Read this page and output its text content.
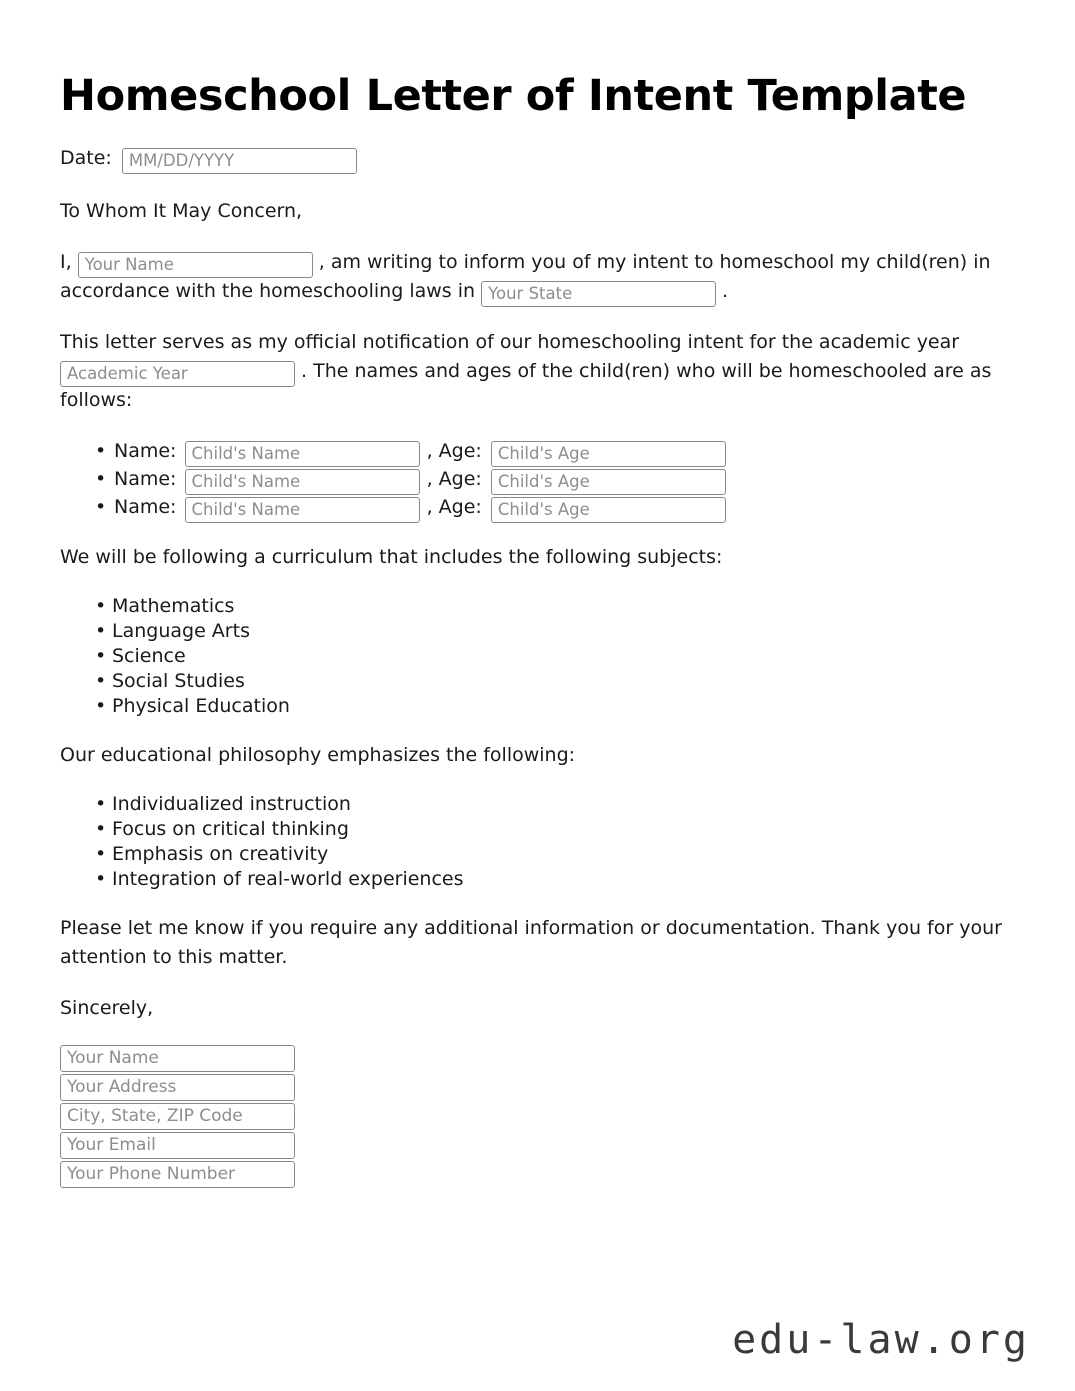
Homeschool Letter of Intent Template
Date: MM/DD/YYYY

To Whom It May Concern,

I, Your Name	, am writing to inform you of my intent to homeschool my child(ren) in accordance with the homeschooling laws in Your State	.

This letter serves as my official notification of our homeschooling intent for the academic year Academic Year . The names and ages of the child(ren) who will be homeschooled are as follows:

• Name: Child's Name	, Age: Child's Age
• Name: Child's Name	, Age: Child's Age
• Name: Child's Name	, Age: Child's Age

We will be following a curriculum that includes the following subjects:

• Mathematics
• Language Arts
• Science
• Social Studies
• Physical Education

Our educational philosophy emphasizes the following:

• Individualized instruction
• Focus on critical thinking
• Emphasis on creativity
• Integration of real-world experiences

Please let me know if you require any additional information or documentation. Thank you for your attention to this matter.

Sincerely,

Your Name
Your Address
City, State, ZIP Code
Your Email
Your Phone Number
edu-law.org
